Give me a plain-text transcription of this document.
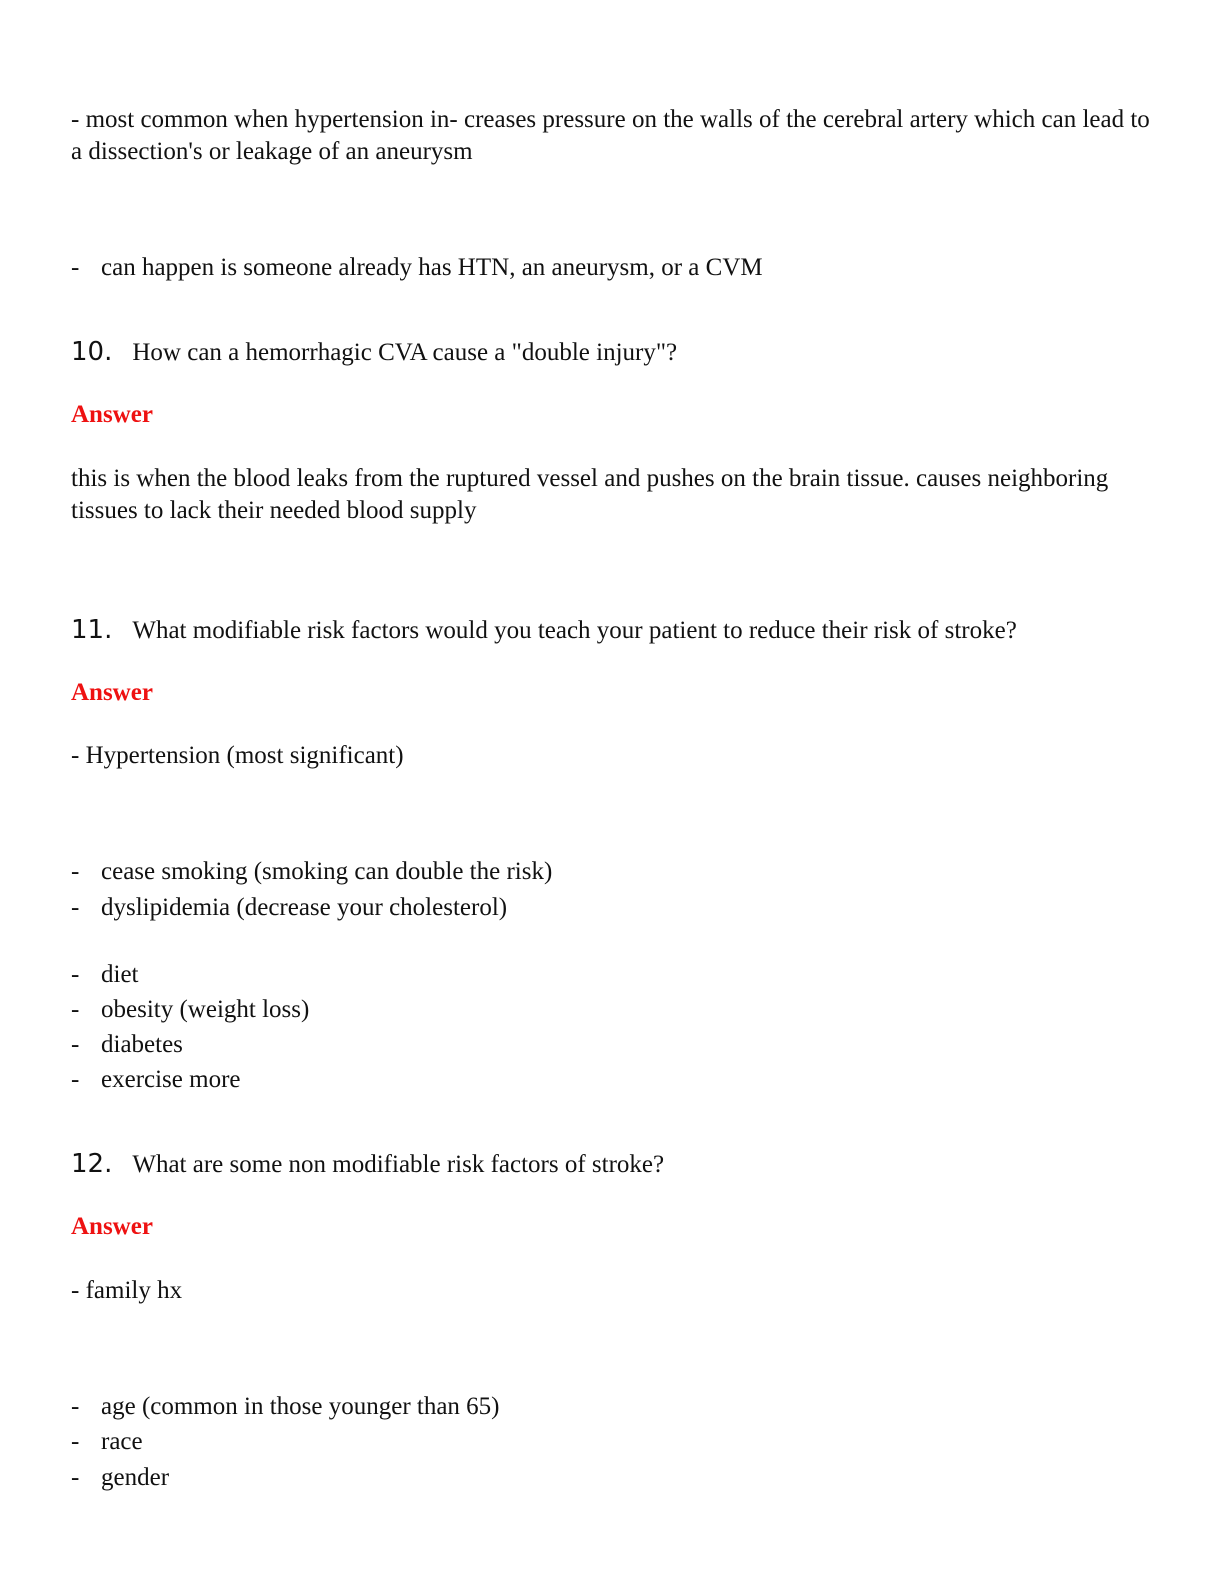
- most common when hypertension in- creases pressure on the walls of the cerebral artery which can lead to a dissection's or leakage of an aneurysm
- can happen is someone already has HTN, an aneurysm, or a CVM
10. How can a hemorrhagic CVA cause a "double injury"?
Answer
this is when the blood leaks from the ruptured vessel and pushes on the brain tissue. causes neighboring tissues to lack their needed blood supply
11. What modifiable risk factors would you teach your patient to reduce their risk of stroke?
Answer
- Hypertension (most significant)
- cease smoking (smoking can double the risk)
- dyslipidemia (decrease your cholesterol)
- diet
- obesity (weight loss)
- diabetes
- exercise more
12. What are some non modifiable risk factors of stroke?
Answer
- family hx
- age (common in those younger than 65)
- race
- gender
